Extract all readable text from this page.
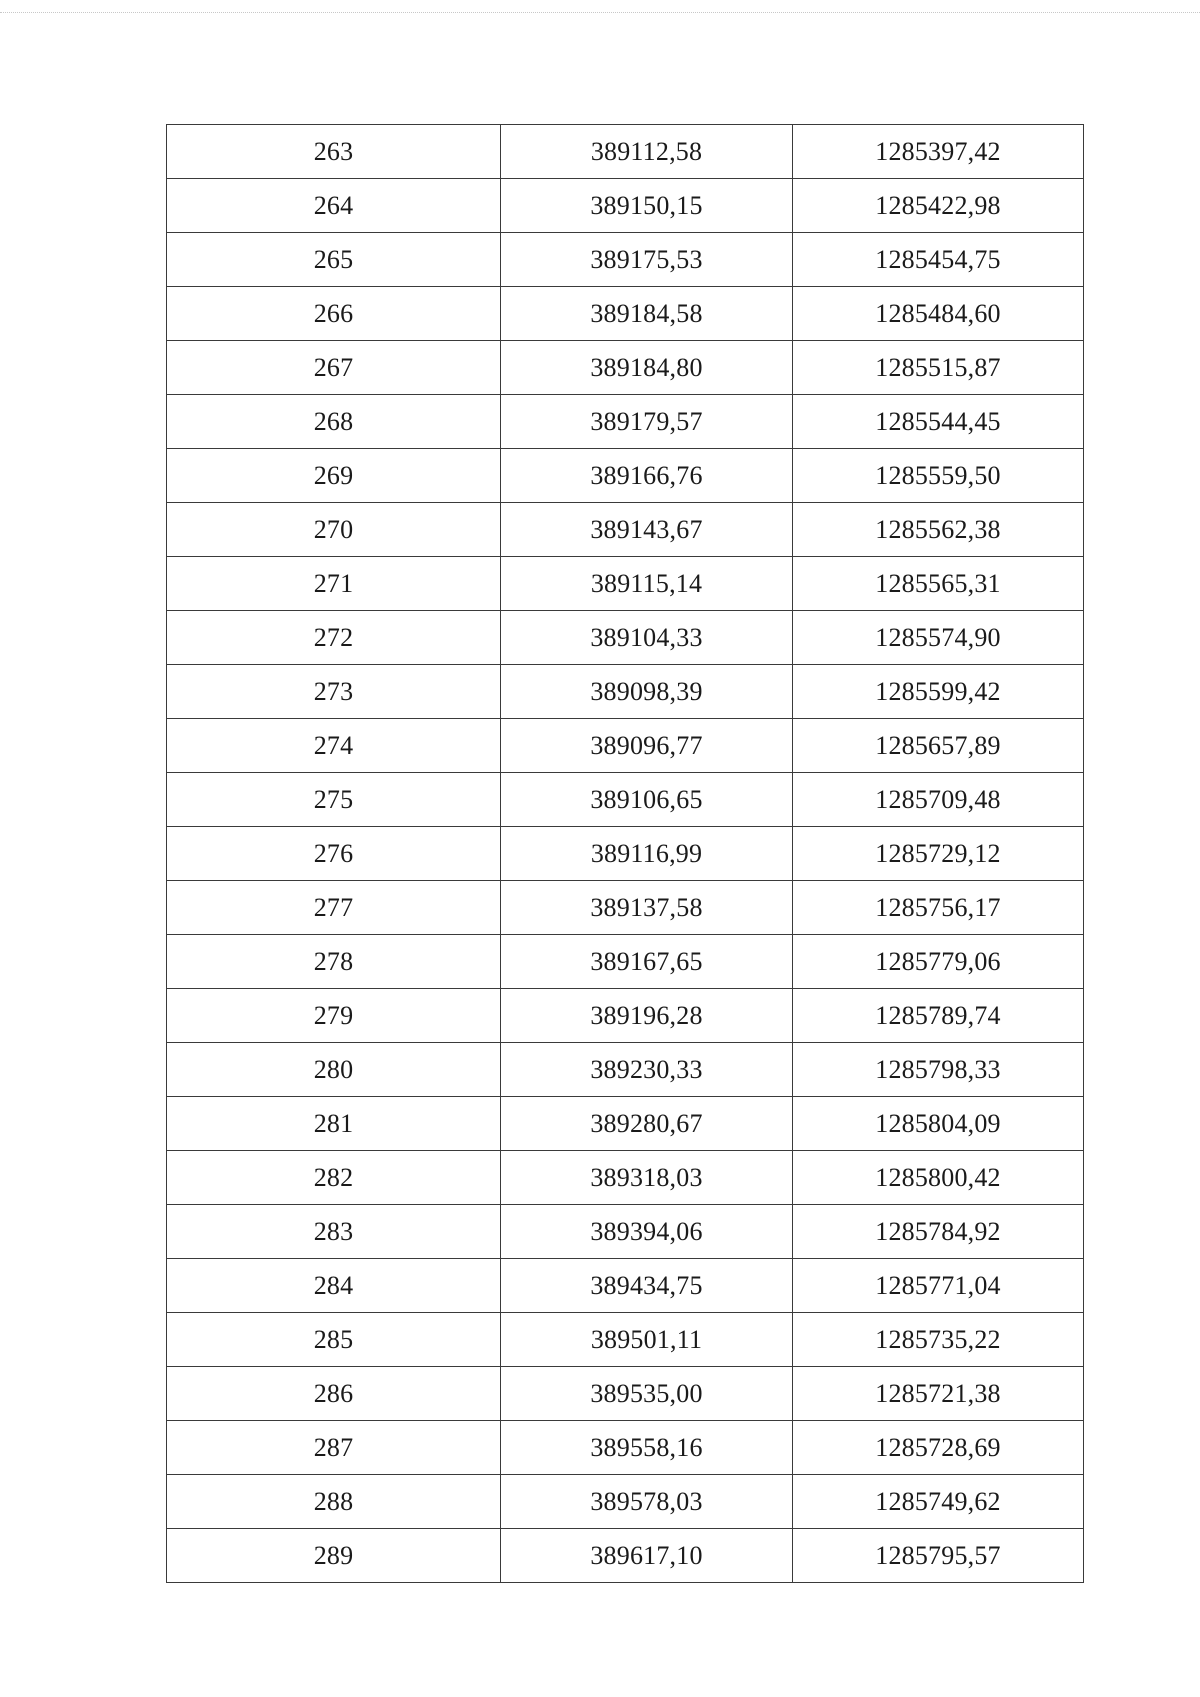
263	389112,58	1285397,42
264	389150,15	1285422,98
265	389175,53	1285454,75
266	389184,58	1285484,60
267	389184,80	1285515,87
268	389179,57	1285544,45
269	389166,76	1285559,50
270	389143,67	1285562,38
271	389115,14	1285565,31
272	389104,33	1285574,90
273	389098,39	1285599,42
274	389096,77	1285657,89
275	389106,65	1285709,48
276	389116,99	1285729,12
277	389137,58	1285756,17
278	389167,65	1285779,06
279	389196,28	1285789,74
280	389230,33	1285798,33
281	389280,67	1285804,09
282	389318,03	1285800,42
283	389394,06	1285784,92
284	389434,75	1285771,04
285	389501,11	1285735,22
286	389535,00	1285721,38
287	389558,16	1285728,69
288	389578,03	1285749,62
289	389617,10	1285795,57
